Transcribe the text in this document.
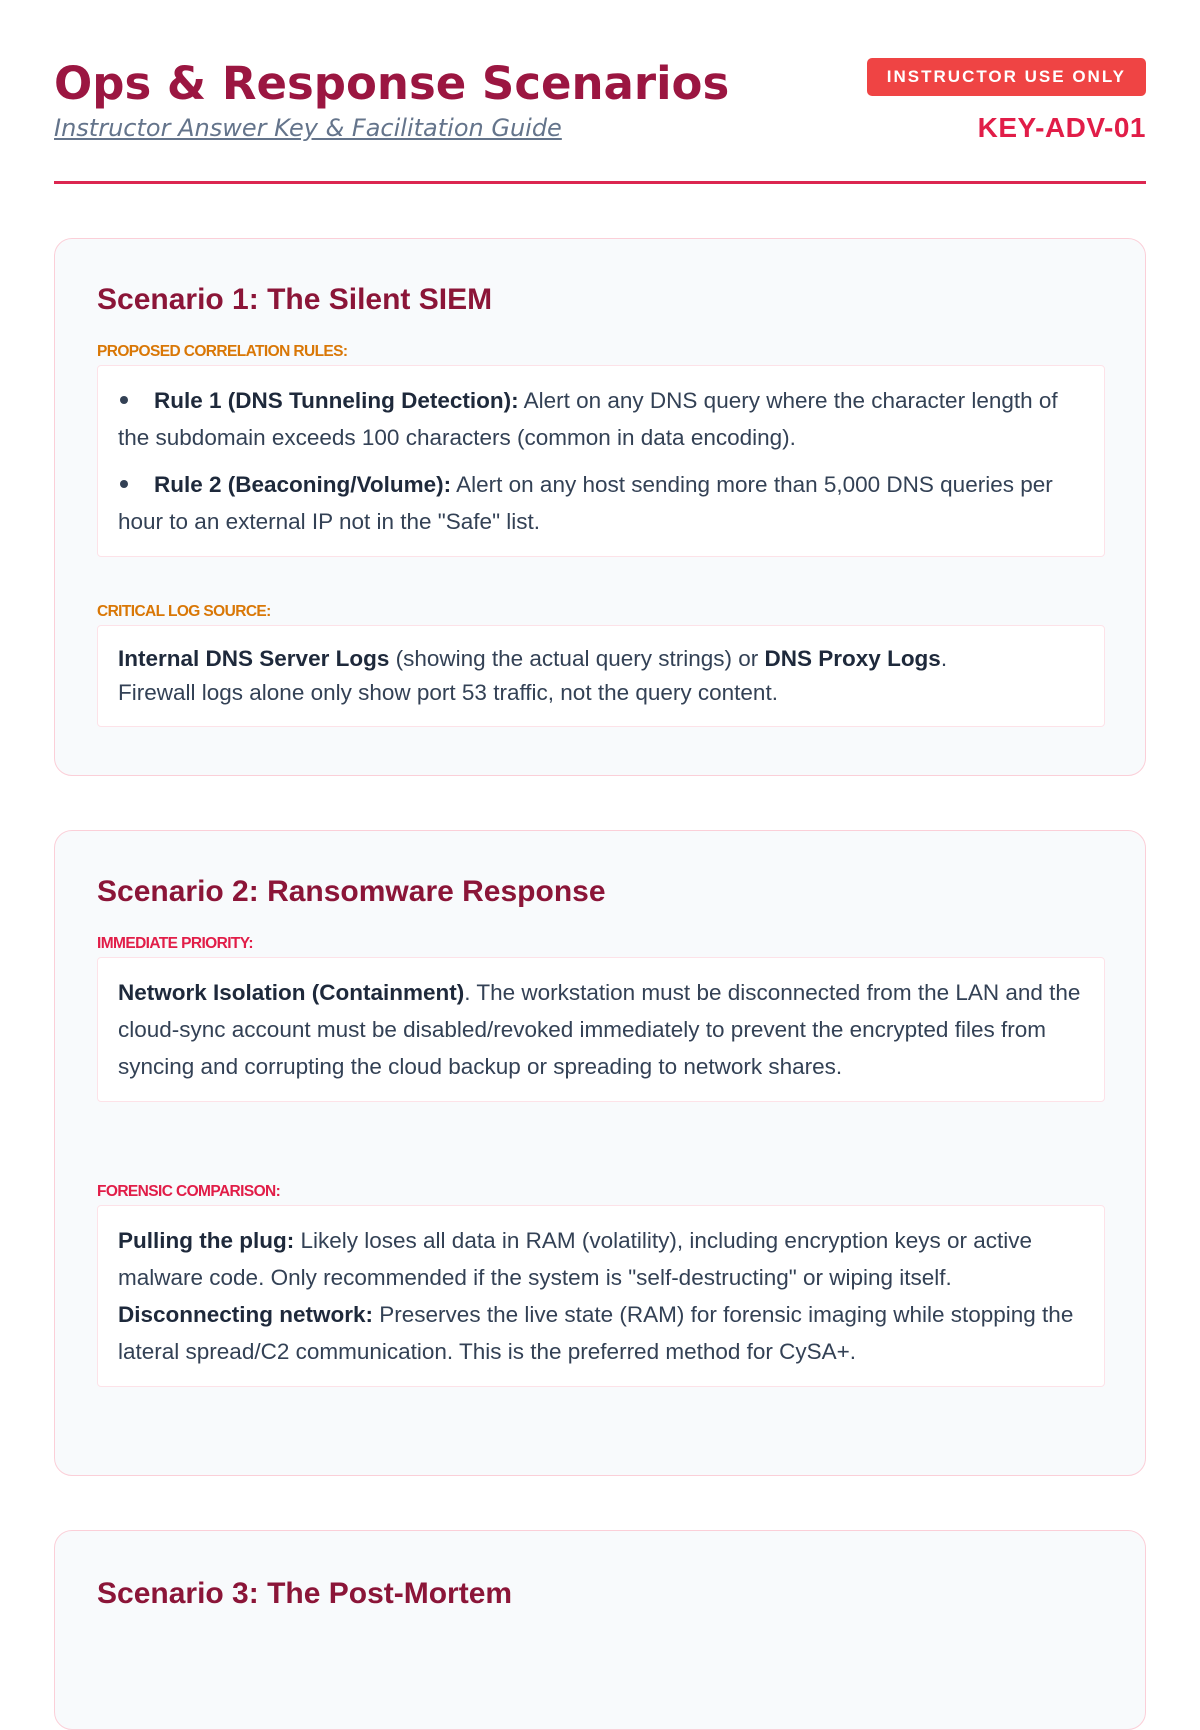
Ops & Response Scenarios
Instructor Answer Key & Facilitation Guide
INSTRUCTOR USE ONLY
KEY-ADV-01
Scenario 1: The Silent SIEM
PROPOSED CORRELATION RULES:
Rule 1 (DNS Tunneling Detection): Alert on any DNS query where the character length of the subdomain exceeds 100 characters (common in data encoding).
Rule 2 (Beaconing/Volume): Alert on any host sending more than 5,000 DNS queries per hour to an external IP not in the "Safe" list.
CRITICAL LOG SOURCE:
Internal DNS Server Logs (showing the actual query strings) or DNS Proxy Logs.
Firewall logs alone only show port 53 traffic, not the query content.
Scenario 2: Ransomware Response
IMMEDIATE PRIORITY:
Network Isolation (Containment). The workstation must be disconnected from the LAN and the cloud-sync account must be disabled/revoked immediately to prevent the encrypted files from syncing and corrupting the cloud backup or spreading to network shares.
FORENSIC COMPARISON:
Pulling the plug: Likely loses all data in RAM (volatility), including encryption keys or active malware code. Only recommended if the system is "self-destructing" or wiping itself.
Disconnecting network: Preserves the live state (RAM) for forensic imaging while stopping the lateral spread/C2 communication. This is the preferred method for CySA+.
Scenario 3: The Post-Mortem
